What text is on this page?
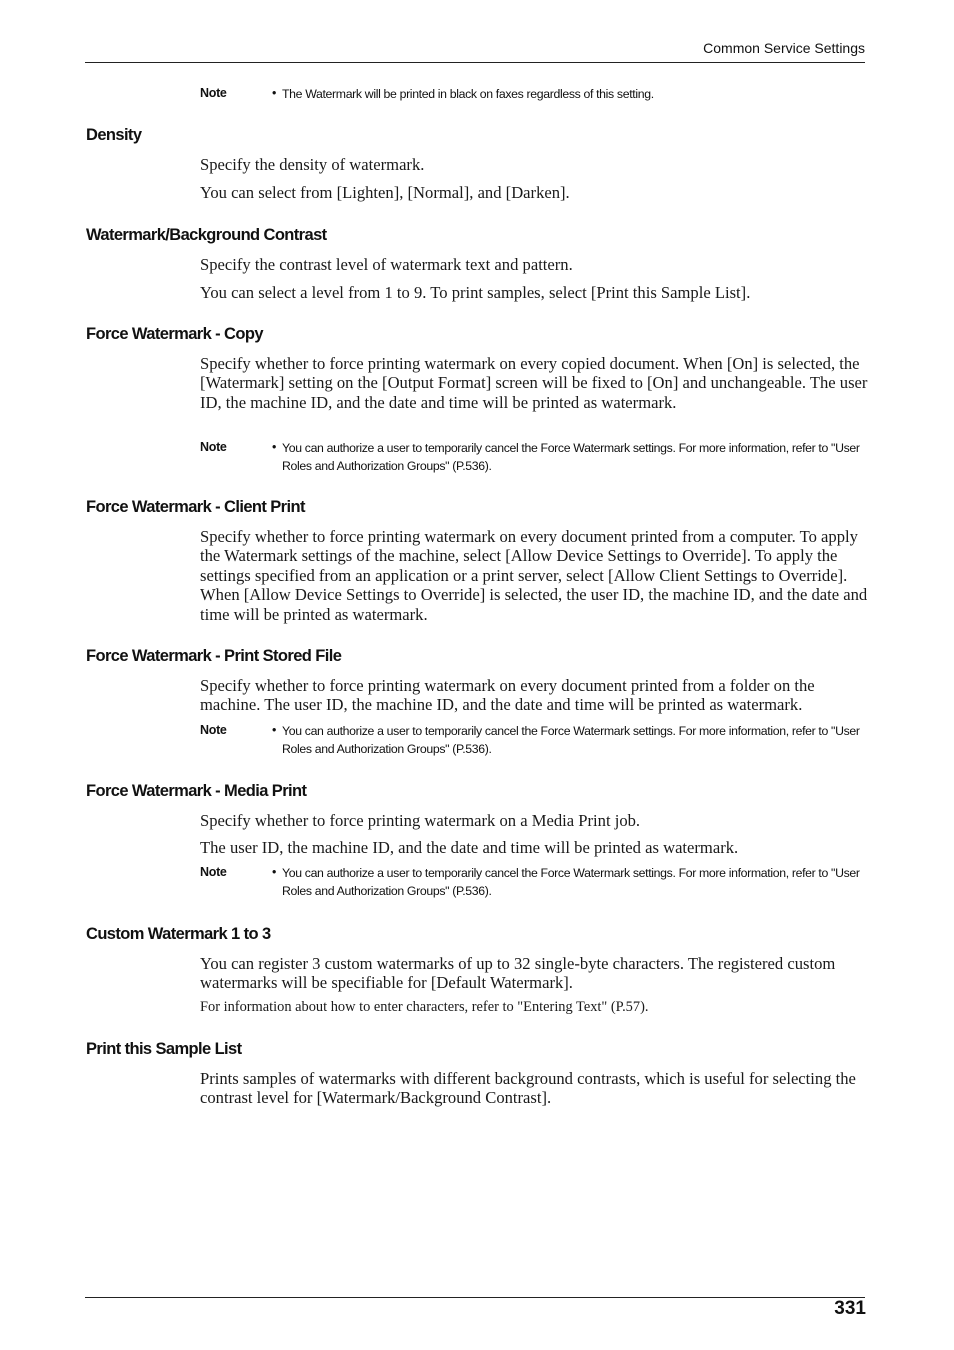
Common Service Settings
Note	• The Watermark will be printed in black on faxes regardless of this setting.
Density

Specify the density of watermark.

You can select from [Lighten], [Normal], and [Darken].

Watermark/Background Contrast

Specify the contrast level of watermark text and pattern.

You can select a level from 1 to 9. To print samples, select [Print this Sample List].

Force Watermark - Copy

Specify whether to force printing watermark on every copied document. When [On] is selected, the [Watermark] setting on the [Output Format] screen will be fixed to [On] and unchangeable. The user ID, the machine ID, and the date and time will be printed as watermark.

Note	• You can authorize a user to temporarily cancel the Force Watermark settings. For more information, refer to "User Roles and Authorization Groups" (P.536).
Force Watermark - Client Print

Specify whether to force printing watermark on every document printed from a computer. To apply the Watermark settings of the machine, select [Allow Device Settings to Override]. To apply the settings specified from an application or a print server, select [Allow Client Settings to Override]. When [Allow Device Settings to Override] is selected, the user ID, the machine ID, and the date and time will be printed as watermark.

Force Watermark - Print Stored File

Specify whether to force printing watermark on every document printed from a folder on the machine. The user ID, the machine ID, and the date and time will be printed as watermark.

Note	• You can authorize a user to temporarily cancel the Force Watermark settings. For more information, refer to "User Roles and Authorization Groups" (P.536).
Force Watermark - Media Print

Specify whether to force printing watermark on a Media Print job.

The user ID, the machine ID, and the date and time will be printed as watermark.

Note	• You can authorize a user to temporarily cancel the Force Watermark settings. For more information, refer to "User Roles and Authorization Groups" (P.536).
Custom Watermark 1 to 3

You can register 3 custom watermarks of up to 32 single-byte characters. The registered custom watermarks will be specifiable for [Default Watermark].

For information about how to enter characters, refer to "Entering Text" (P.57).

Print this Sample List

Prints samples of watermarks with different background contrasts, which is useful for selecting the contrast level for [Watermark/Background Contrast].

331
